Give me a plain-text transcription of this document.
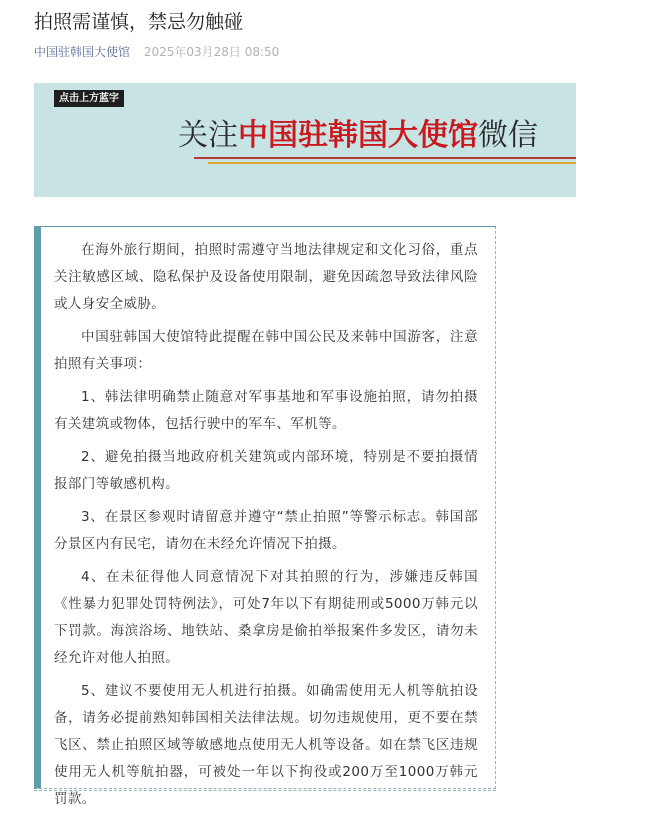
拍照需谨慎，禁忌勿触碰
中国驻韩国大使馆 2025年03月28日 08:50
点击上方蓝字
关注中国驻韩国大使馆微信

在海外旅行期间，拍照时需遵守当地法律规定和文化习俗，重点关注敏感区域、隐私保护及设备使用限制，避免因疏忽导致法律风险或人身安全威胁。

中国驻韩国大使馆特此提醒在韩中国公民及来韩中国游客，注意拍照有关事项：

1、韩法律明确禁止随意对军事基地和军事设施拍照，请勿拍摄有关建筑或物体，包括行驶中的军车、军机等。

2、避免拍摄当地政府机关建筑或内部环境，特别是不要拍摄情报部门等敏感机构。

3、在景区参观时请留意并遵守“禁止拍照”等警示标志。韩国部分景区内有民宅，请勿在未经允许情况下拍摄。

4、在未征得他人同意情况下对其拍照的行为，涉嫌违反韩国《性暴力犯罪处罚特例法》，可处7年以下有期徒刑或5000万韩元以下罚款。海滨浴场、地铁站、桑拿房是偷拍举报案件多发区，请勿未经允许对他人拍照。

5、建议不要使用无人机进行拍摄。如确需使用无人机等航拍设备，请务必提前熟知韩国相关法律法规。切勿违规使用，更不要在禁飞区、禁止拍照区域等敏感地点使用无人机等设备。如在禁飞区违规使用无人机等航拍器，可被处一年以下拘役或200万至1000万韩元罚款。
